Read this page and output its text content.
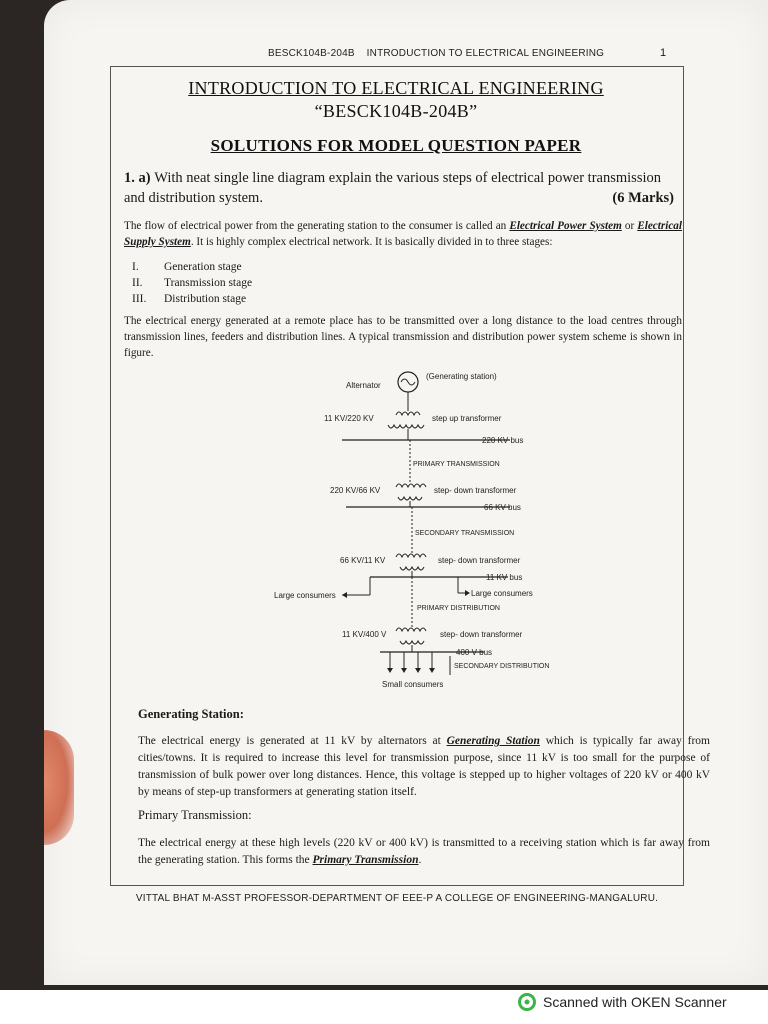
BESCK104B-204B INTRODUCTION TO ELECTRICAL ENGINEERING	1
INTRODUCTION TO ELECTRICAL ENGINEERING
“BESCK104B-204B”
SOLUTIONS FOR MODEL QUESTION PAPER
1. a) With neat single line diagram explain the various steps of electrical power transmission and distribution system.	(6 Marks)
The flow of electrical power from the generating station to the consumer is called an Electrical Power System or Electrical Supply System. It is highly complex electrical network. It is basically divided in to three stages:
I. Generation stage
II. Transmission stage
III. Distribution stage
The electrical energy generated at a remote place has to be transmitted over a long distance to the load centres through transmission lines, feeders and distribution lines. A typical transmission and distribution power system scheme is shown in figure.
Alternator
(Generating station)
11 KV/220 KV	step up transformer
220 KV bus
PRIMARY TRANSMISSION
220 KV/66 KV	step- down transformer
66 KV bus
SECONDARY TRANSMISSION
66 KV/11 KV	step- down transformer
11 KV bus
Large consumers	Large consumers
PRIMARY DISTRIBUTION
11 KV/400 V	step- down transformer
400 V bus
SECONDARY DISTRIBUTION
Small consumers
Generating Station:
The electrical energy is generated at 11 kV by alternators at Generating Station which is typically far away from cities/towns. It is required to increase this level for transmission purpose, since 11 kV is too small for the purpose of transmission of bulk power over long distances. Hence, this voltage is stepped up to higher voltages of 220 kV or 400 kV by means of step-up transformers at generating station itself.
Primary Transmission:
The electrical energy at these high levels (220 kV or 400 kV) is transmitted to a receiving station which is far away from the generating station. This forms the Primary Transmission.
VITTAL BHAT M-ASST PROFESSOR-DEPARTMENT OF EEE-P A COLLEGE OF ENGINEERING-MANGALURU.
Scanned with OKEN Scanner
